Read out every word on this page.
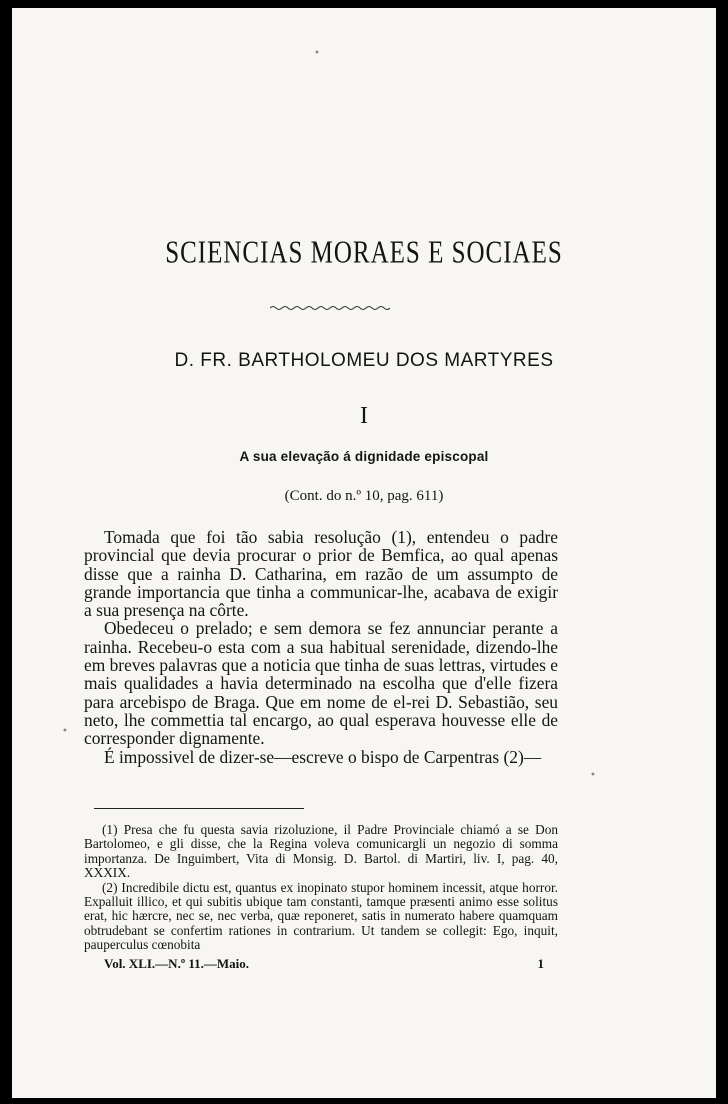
SCIENCIAS MORAES E SOCIAES
D. FR. BARTHOLOMEU DOS MARTYRES
I
A sua elevação á dignidade episcopal
(Cont. do n.º 10, pag. 611)

Tomada que foi tão sabia resolução (1), entendeu o padre provincial que devia procurar o prior de Bemfica, ao qual apenas disse que a rainha D. Catharina, em razão de um assumpto de grande importancia que tinha a communicar-lhe, acabava de exigir a sua presença na côrte.

Obedeceu o prelado; e sem demora se fez annunciar perante a rainha. Recebeu-o esta com a sua habitual serenidade, dizendo-lhe em breves palavras que a noticia que tinha de suas lettras, virtudes e mais qualidades a havia determinado na escolha que d'elle fizera para arcebispo de Braga. Que em nome de el-rei D. Sebastião, seu neto, lhe commettia tal encargo, ao qual esperava houvesse elle de corresponder dignamente.

É impossivel de dizer-se—escreve o bispo de Carpentras (2)—

(1) Presa che fu questa savia rizoluzione, il Padre Provinciale chiamó a se Don Bartolomeo, e gli disse, che la Regina voleva comunicargli un negozio di somma importanza. De Inguimbert, Vita di Monsig. D. Bartol. di Martiri, liv. I, pag. 40, XXXIX.

(2) Incredibile dictu est, quantus ex inopinato stupor hominem incessit, atque horror. Expalluit illico, et qui subitis ubique tam constanti, tamque præsenti animo esse solitus erat, hic hærcre, nec se, nec verba, quæ reponeret, satis in numerato habere quamquam obtrudebant se confertim rationes in contrarium. Ut tandem se collegit: Ego, inquit, pauperculus cœnobita

Vol. XLI.—N.º 11.—Maio.	1
•
•
•
